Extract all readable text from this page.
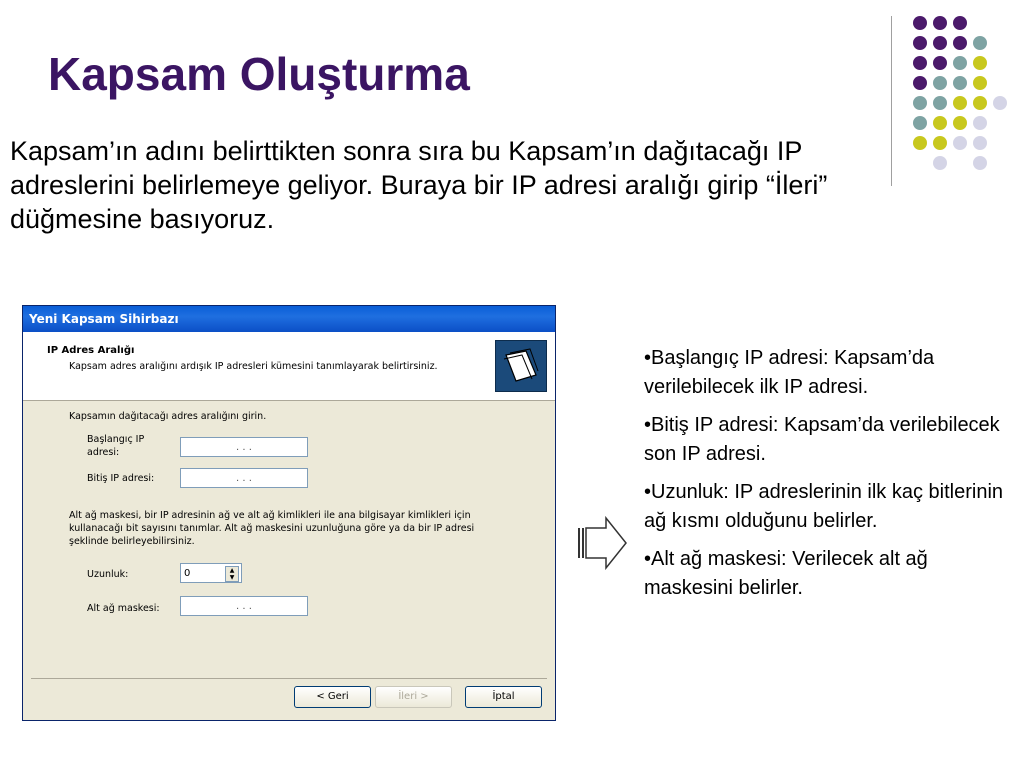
Kapsam Oluşturma

Kapsam’ın adını belirttikten sonra sıra bu Kapsam’ın dağıtacağı IP adreslerini belirlemeye geliyor. Buraya bir IP adresi aralığı girip “İleri” düğmesine basıyoruz.

Yeni Kapsam Sihirbazı
IP Adres Aralığı
Kapsam adres aralığını ardışık IP adresleri kümesini tanımlayarak belirtirsiniz.
Kapsamın dağıtacağı adres aralığını girin.
Başlangıç IP adresi:	. . .
Bitiş IP adresi:	. . .
Alt ağ maskesi, bir IP adresinin ağ ve alt ağ kimlikleri ile ana bilgisayar kimlikleri için kullanacağı bit sayısını tanımlar. Alt ağ maskesini uzunluğuna göre ya da bir IP adresi şeklinde belirleyebilirsiniz.
Uzunluk:	0	▲
▼
Alt ağ maskesi:	. . .
< Geri	İleri >	İptal
•Başlangıç IP adresi: Kapsam’da verilebilecek ilk IP adresi.
•Bitiş IP adresi: Kapsam’da verilebilecek son IP adresi.
•Uzunluk: IP adreslerinin ilk kaç bitlerinin ağ kısmı olduğunu belirler.
•Alt ağ maskesi: Verilecek alt ağ maskesini belirler.
